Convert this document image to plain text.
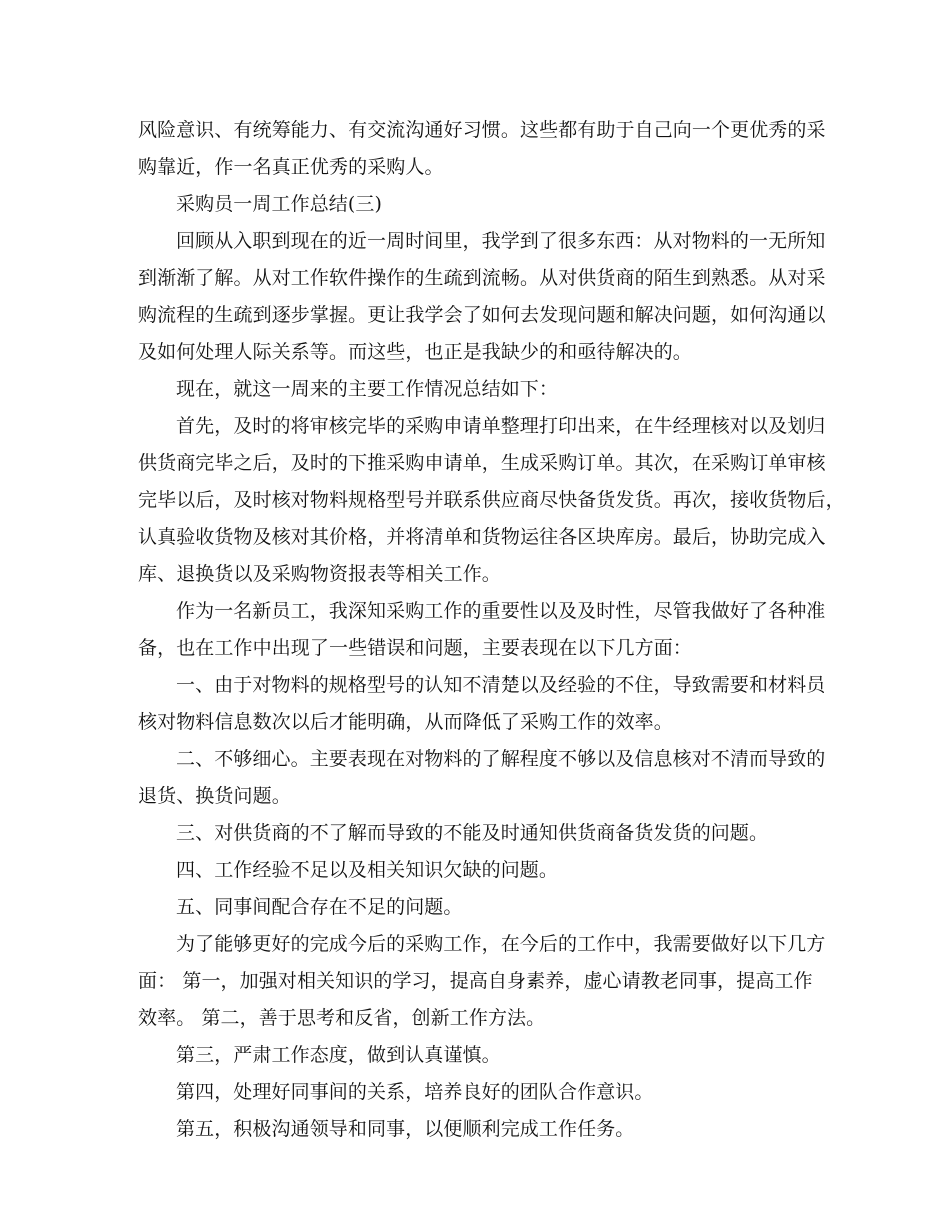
风险意识、有统筹能力、有交流沟通好习惯。这些都有助于自己向一个更优秀的采
购靠近，作一名真正优秀的采购人。
采购员一周工作总结(三)
回顾从入职到现在的近一周时间里，我学到了很多东西：从对物料的一无所知
到渐渐了解。从对工作软件操作的生疏到流畅。从对供货商的陌生到熟悉。从对采
购流程的生疏到逐步掌握。更让我学会了如何去发现问题和解决问题，如何沟通以
及如何处理人际关系等。而这些，也正是我缺少的和亟待解决的。
现在，就这一周来的主要工作情况总结如下：
首先，及时的将审核完毕的采购申请单整理打印出来，在牛经理核对以及划归
供货商完毕之后，及时的下推采购申请单，生成采购订单。其次，在采购订单审核
完毕以后，及时核对物料规格型号并联系供应商尽快备货发货。再次，接收货物后，
认真验收货物及核对其价格，并将清单和货物运往各区块库房。最后，协助完成入
库、退换货以及采购物资报表等相关工作。
作为一名新员工，我深知采购工作的重要性以及及时性，尽管我做好了各种准
备，也在工作中出现了一些错误和问题，主要表现在以下几方面：
一、由于对物料的规格型号的认知不清楚以及经验的不住，导致需要和材料员
核对物料信息数次以后才能明确，从而降低了采购工作的效率。
二、不够细心。主要表现在对物料的了解程度不够以及信息核对不清而导致的
退货、换货问题。
三、对供货商的不了解而导致的不能及时通知供货商备货发货的问题。
四、工作经验不足以及相关知识欠缺的问题。
五、同事间配合存在不足的问题。
为了能够更好的完成今后的采购工作，在今后的工作中，我需要做好以下几方
面： 第一，加强对相关知识的学习，提高自身素养，虚心请教老同事，提高工作
效率。 第二，善于思考和反省，创新工作方法。
第三，严肃工作态度，做到认真谨慎。
第四，处理好同事间的关系，培养良好的团队合作意识。
第五，积极沟通领导和同事，以便顺利完成工作任务。
